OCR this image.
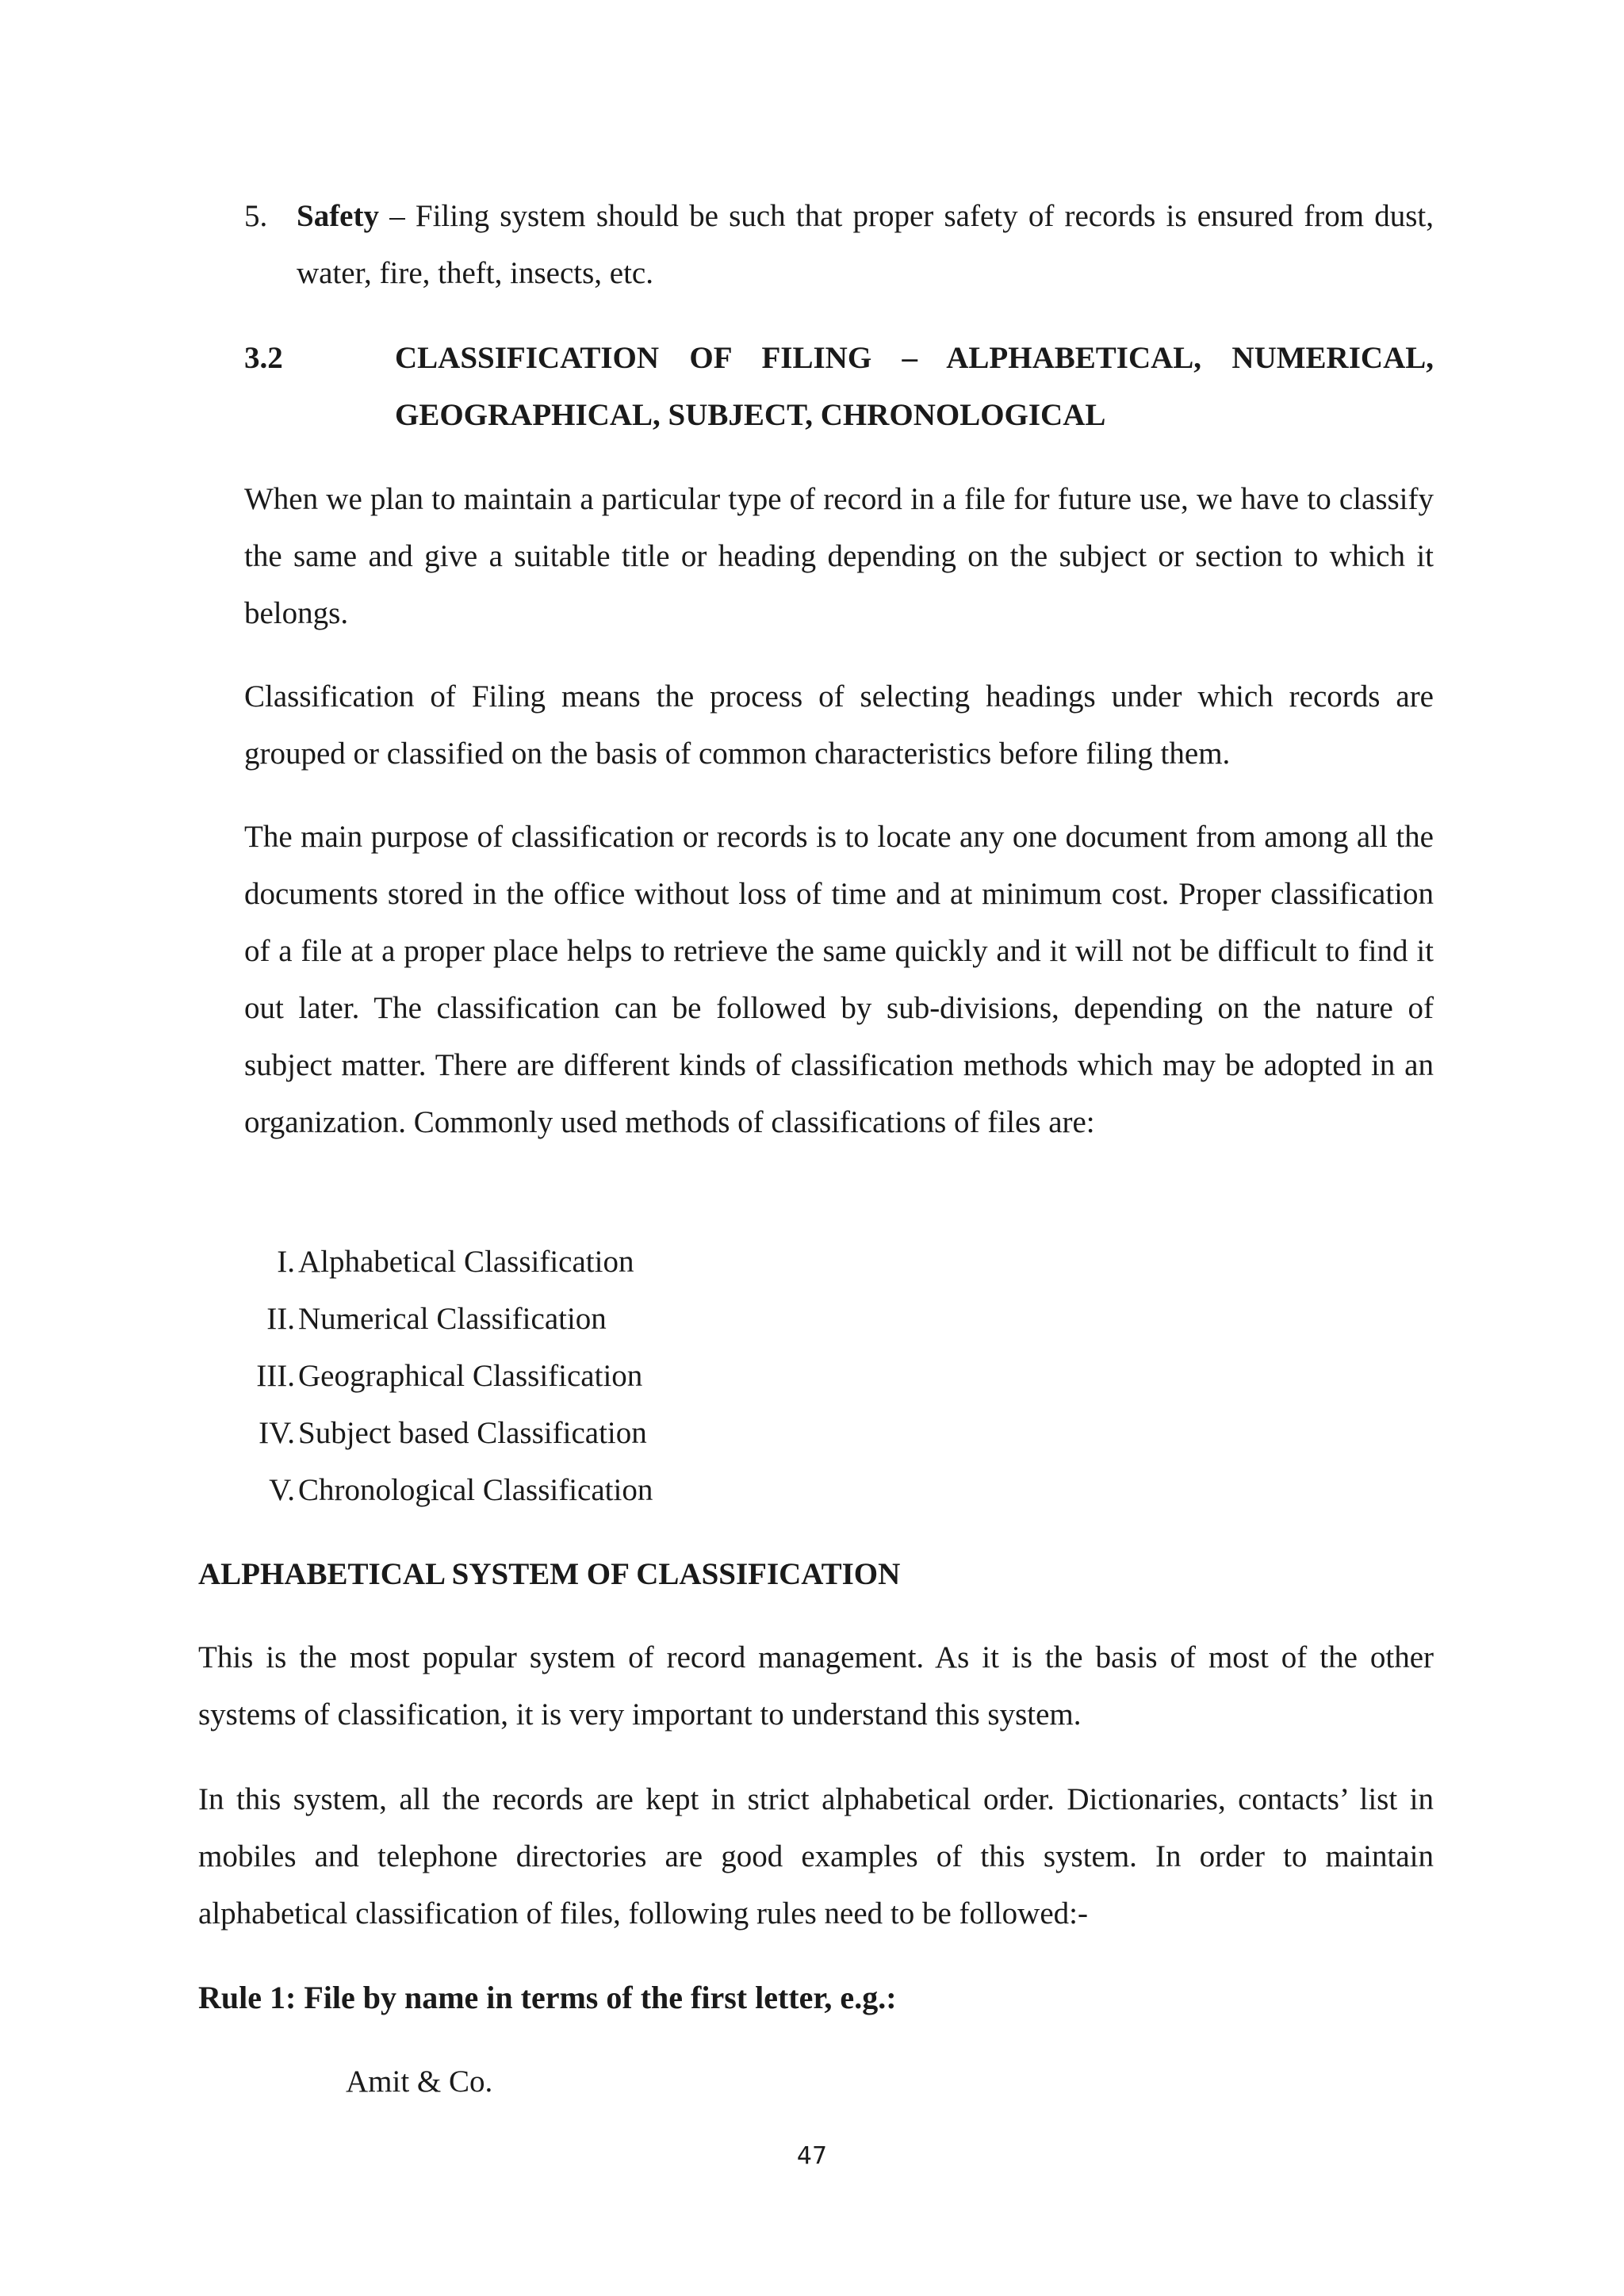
5. Safety – Filing system should be such that proper safety of records is ensured from dust, water, fire, theft, insects, etc.
3.2	CLASSIFICATION OF FILING – ALPHABETICAL, NUMERICAL, GEOGRAPHICAL, SUBJECT, CHRONOLOGICAL
When we plan to maintain a particular type of record in a file for future use, we have to classify the same and give a suitable title or heading depending on the subject or section to which it belongs.
Classification of Filing means the process of selecting headings under which records are grouped or classified on the basis of common characteristics before filing them.
The main purpose of classification or records is to locate any one document from among all the documents stored in the office without loss of time and at minimum cost. Proper classification of a file at a proper place helps to retrieve the same quickly and it will not be difficult to find it out later. The classification can be followed by sub-divisions, depending on the nature of subject matter. There are different kinds of classification methods which may be adopted in an organization. Commonly used methods of classifications of files are:
I. Alphabetical Classification
II. Numerical Classification
III. Geographical Classification
IV. Subject based Classification
V. Chronological Classification
ALPHABETICAL SYSTEM OF CLASSIFICATION
This is the most popular system of record management. As it is the basis of most of the other systems of classification, it is very important to understand this system.
In this system, all the records are kept in strict alphabetical order. Dictionaries, contacts’ list in mobiles and telephone directories are good examples of this system. In order to maintain alphabetical classification of files, following rules need to be followed:-
Rule 1: File by name in terms of the first letter, e.g.:
Amit & Co.
47
